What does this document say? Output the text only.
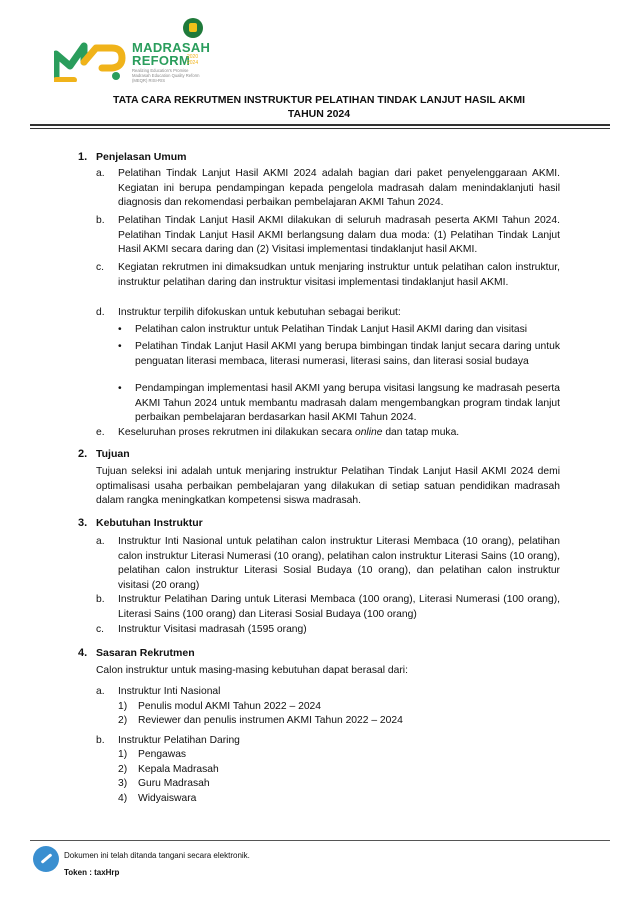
MADRASAH
REFORM
2020
2024
Realizing Education's Promise Madrasah Education Quality Reform (MEQR) RISI-RIS
TATA CARA REKRUTMEN INSTRUKTUR PELATIHAN TINDAK LANJUT HASIL AKMI
TAHUN 2024
1. Penjelasan Umum
a. Pelatihan Tindak Lanjut Hasil AKMI 2024 adalah bagian dari paket penyelenggaraan AKMI. Kegiatan ini berupa pendampingan kepada pengelola madrasah dalam menindaklanjuti hasil diagnosis dan rekomendasi perbaikan pembelajaran AKMI Tahun 2024.
b. Pelatihan Tindak Lanjut Hasil AKMI dilakukan di seluruh madrasah peserta AKMI Tahun 2024. Pelatihan Tindak Lanjut Hasil AKMI berlangsung dalam dua moda: (1) Pelatihan Tindak Lanjut Hasil AKMI secara daring dan (2) Visitasi implementasi tindaklanjut hasil AKMI.
c. Kegiatan rekrutmen ini dimaksudkan untuk menjaring instruktur untuk pelatihan calon instruktur, instruktur pelatihan daring dan instruktur visitasi implementasi tindaklanjut hasil AKMI.
d. Instruktur terpilih difokuskan untuk kebutuhan sebagai berikut:
• Pelatihan calon instruktur untuk Pelatihan Tindak Lanjut Hasil AKMI daring dan visitasi
• Pelatihan Tindak Lanjut Hasil AKMI yang berupa bimbingan tindak lanjut secara daring untuk penguatan literasi membaca, literasi numerasi, literasi sains, dan literasi sosial budaya
• Pendampingan implementasi hasil AKMI yang berupa visitasi langsung ke madrasah peserta AKMI Tahun 2024 untuk membantu madrasah dalam mengembangkan program tindak lanjut perbaikan pembelajaran berdasarkan hasil AKMI Tahun 2024.
e. Keseluruhan proses rekrutmen ini dilakukan secara online dan tatap muka.
2. Tujuan
Tujuan seleksi ini adalah untuk menjaring instruktur Pelatihan Tindak Lanjut Hasil AKMI 2024 demi optimalisasi usaha perbaikan pembelajaran yang dilakukan di setiap satuan pendidikan madrasah dalam rangka meningkatkan kompetensi siswa madrasah.
3. Kebutuhan Instruktur
a. Instruktur Inti Nasional untuk pelatihan calon instruktur Literasi Membaca (10 orang), pelatihan calon instruktur Literasi Numerasi (10 orang), pelatihan calon instruktur Literasi Sains (10 orang), pelatihan calon instruktur Literasi Sosial Budaya (10 orang), dan pelatihan calon instruktur visitasi (20 orang)
b. Instruktur Pelatihan Daring untuk Literasi Membaca (100 orang), Literasi Numerasi (100 orang), Literasi Sains (100 orang) dan Literasi Sosial Budaya (100 orang)
c. Instruktur Visitasi madrasah (1595 orang)
4. Sasaran Rekrutmen
Calon instruktur untuk masing-masing kebutuhan dapat berasal dari:
a. Instruktur Inti Nasional
1) Penulis modul AKMI Tahun 2022 – 2024
2) Reviewer dan penulis instrumen AKMI Tahun 2022 – 2024
b. Instruktur Pelatihan Daring
1) Pengawas
2) Kepala Madrasah
3) Guru Madrasah
4) Widyaiswara
Dokumen ini telah ditanda tangani secara elektronik.
Token : taxHrp
